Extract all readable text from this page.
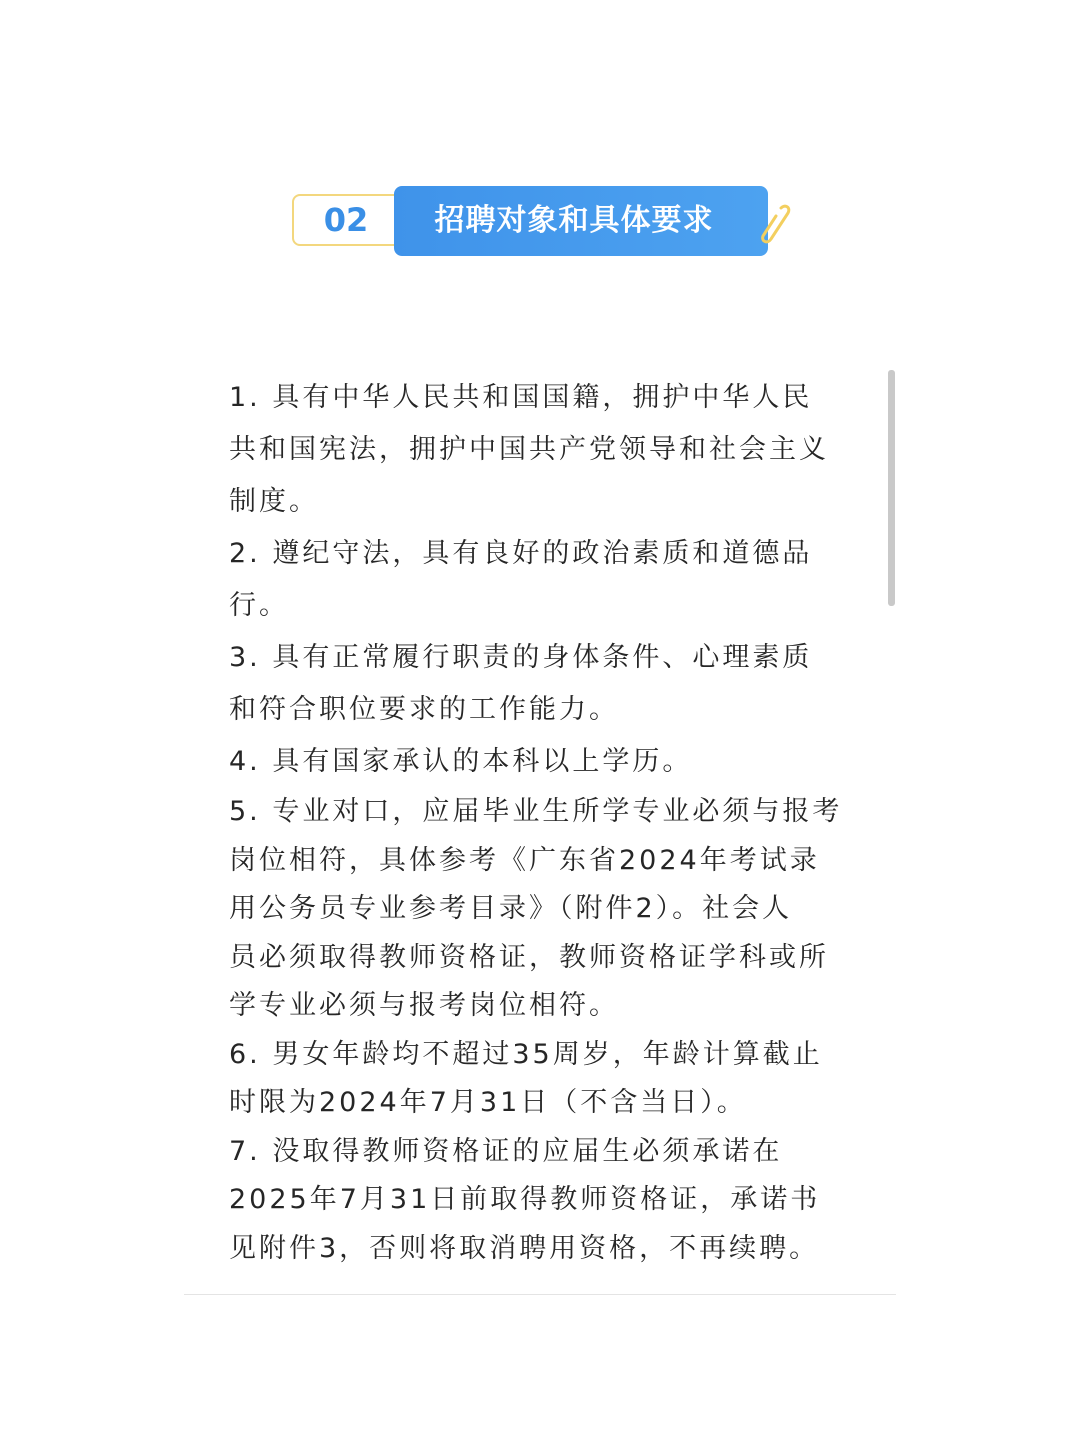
02	招聘对象和具体要求
1. 具有中华人民共和国国籍，拥护中华人民
共和国宪法，拥护中国共产党领导和社会主义
制度。
2. 遵纪守法，具有良好的政治素质和道德品
行。
3. 具有正常履行职责的身体条件、心理素质
和符合职位要求的工作能力。
4. 具有国家承认的本科以上学历。
5. 专业对口，应届毕业生所学专业必须与报考
岗位相符，具体参考《广东省2024年考试录
用公务员专业参考目录》（附件2）。社会人
员必须取得教师资格证，教师资格证学科或所
学专业必须与报考岗位相符。
6. 男女年龄均不超过35周岁，年龄计算截止
时限为2024年7月31日（不含当日）。
7. 没取得教师资格证的应届生必须承诺在
2025年7月31日前取得教师资格证，承诺书
见附件3，否则将取消聘用资格，不再续聘。
